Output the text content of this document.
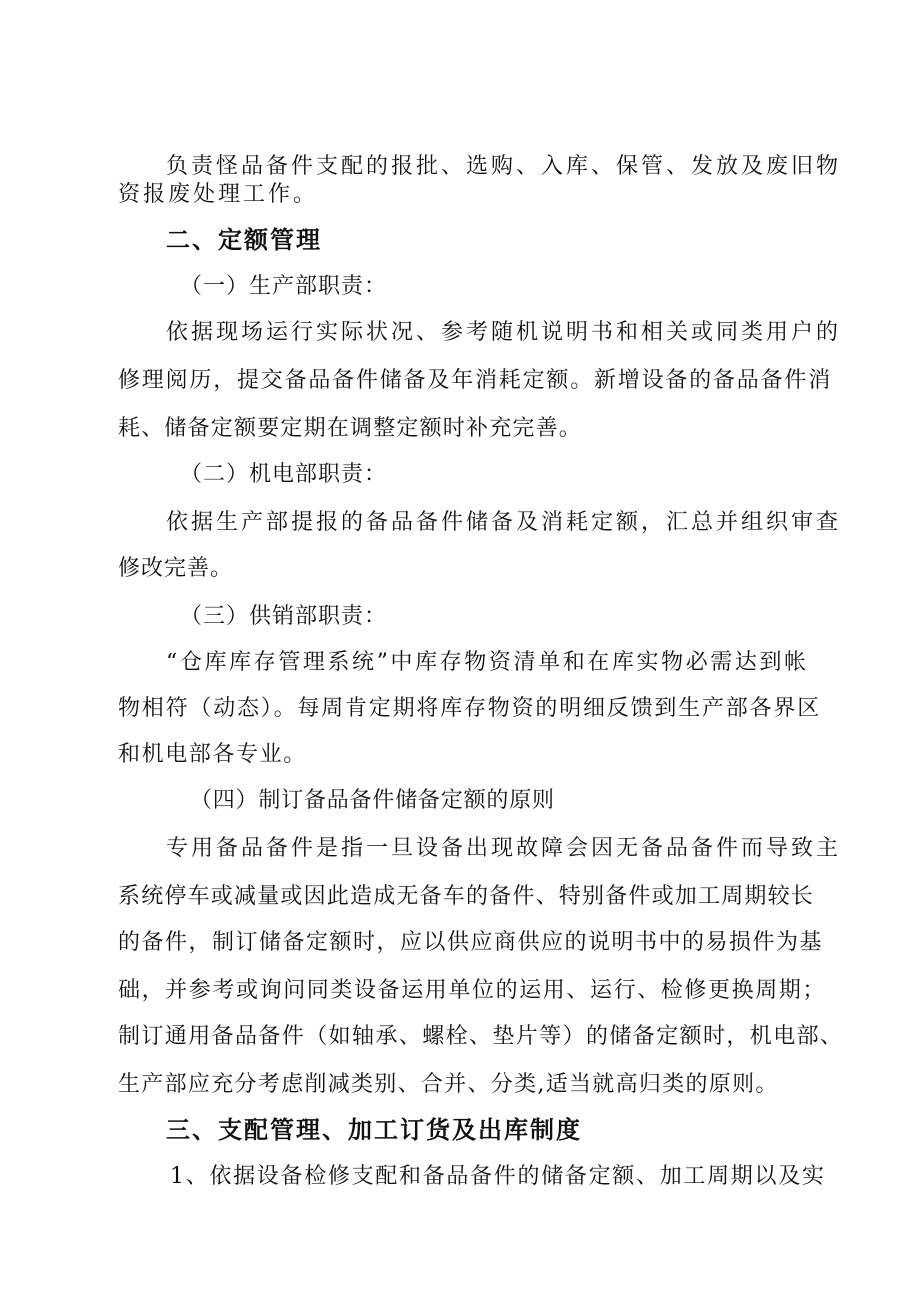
负责怪品备件支配的报批、选购、入库、保管、发放及废旧物
资报废处理工作。
二、定额管理
（一）生产部职责：
依据现场运行实际状况、参考随机说明书和相关或同类用户的
修理阅历，提交备品备件储备及年消耗定额。新增设备的备品备件消
耗、储备定额要定期在调整定额时补充完善。
（二）机电部职责：
依据生产部提报的备品备件储备及消耗定额，汇总并组织审查
修改完善。
（三）供销部职责：
“仓库库存管理系统”中库存物资清单和在库实物必需达到帐
物相符（动态）。每周肯定期将库存物资的明细反馈到生产部各界区
和机电部各专业。
（四）制订备品备件储备定额的原则
专用备品备件是指一旦设备出现故障会因无备品备件而导致主
系统停车或减量或因此造成无备车的备件、特别备件或加工周期较长
的备件，制订储备定额时，应以供应商供应的说明书中的易损件为基
础，并参考或询问同类设备运用单位的运用、运行、检修更换周期；
制订通用备品备件（如轴承、螺栓、垫片等）的储备定额时，机电部、
生产部应充分考虑削减类别、合并、分类,适当就高归类的原则。
三、支配管理、加工订货及出库制度
1、依据设备检修支配和备品备件的储备定额、加工周期以及实
